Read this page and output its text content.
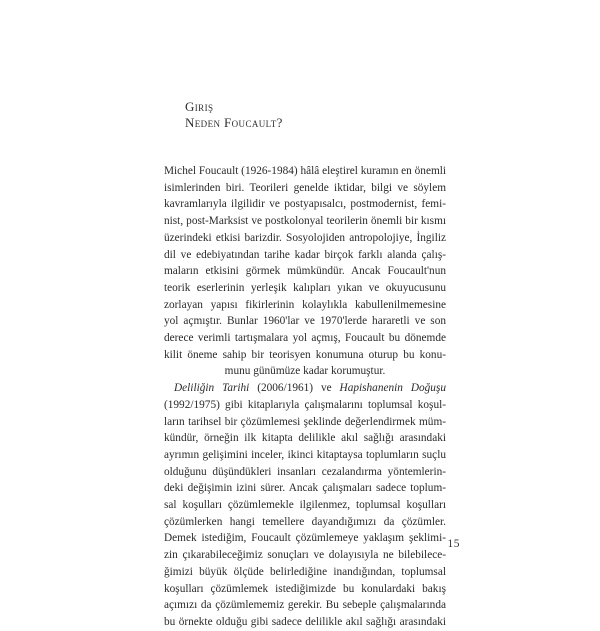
Giriş
Neden Foucault?
Michel Foucault (1926-1984) hâlâ eleştirel kuramın en önemli
isimlerinden biri. Teorileri genelde iktidar, bilgi ve söylem
kavramlarıyla ilgilidir ve postyapısalcı, postmodernist, femi-
nist, post-Marksist ve postkolonyal teorilerin önemli bir kısmı
üzerindeki etkisi barizdir. Sosyolojiden antropolojiye, İngiliz
dil ve edebiyatından tarihe kadar birçok farklı alanda çalış-
maların etkisini görmek mümkündür. Ancak Foucault'nun
teorik eserlerinin yerleşik kalıpları yıkan ve okuyucusunu
zorlayan yapısı fikirlerinin kolaylıkla kabullenilmemesine
yol açmıştır. Bunlar 1960'lar ve 1970'lerde hararetli ve son
derece verimli tartışmalara yol açmış, Foucault bu dönemde
kilit öneme sahip bir teorisyen konumuna oturup bu konu-
munu günümüze kadar korumuştur.
Deliliğin Tarihi (2006/1961) ve Hapishanenin Doğuşu
(1992/1975) gibi kitaplarıyla çalışmalarını toplumsal koşul-
ların tarihsel bir çözümlemesi şeklinde değerlendirmek müm-
kündür, örneğin ilk kitapta delilikle akıl sağlığı arasındaki
ayrımın gelişimini inceler, ikinci kitaptaysa toplumların suçlu
olduğunu düşündükleri insanları cezalandırma yöntemlerin-
deki değişimin izini sürer. Ancak çalışmaları sadece toplum-
sal koşulları çözümlemekle ilgilenmez, toplumsal koşulları
çözümlerken hangi temellere dayandığımızı da çözümler.
Demek istediğim, Foucault çözümlemeye yaklaşım şeklimi-
zin çıkarabileceğimiz sonuçları ve dolayısıyla ne bilebilece-
ğimizi büyük ölçüde belirlediğine inandığından, toplumsal
koşulları çözümlemek istediğimizde bu konulardaki bakış
açımızı da çözümlememiz gerekir. Bu sebeple çalışmalarında
bu örnekte olduğu gibi sadece delilikle akıl sağlığı arasındaki
15
